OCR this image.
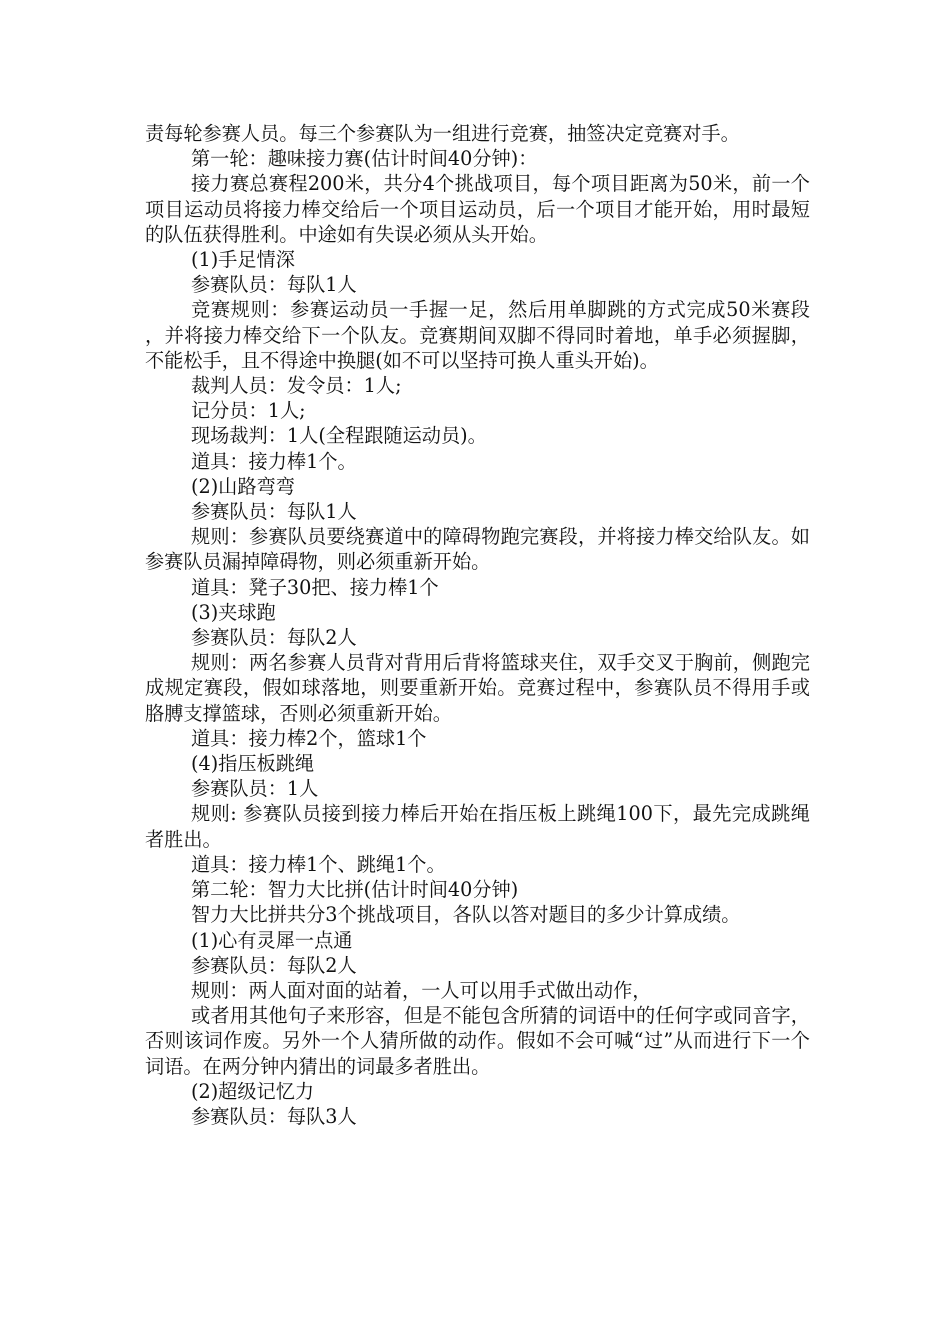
责每轮参赛人员。每三个参赛队为一组进行竞赛，抽签决定竞赛对手。

第一轮：趣味接力赛(估计时间40分钟)：

接力赛总赛程200米，共分4个挑战项目，每个项目距离为50米，前一个项目运动员将接力棒交给后一个项目运动员，后一个项目才能开始，用时最短的队伍获得胜利。中途如有失误必须从头开始。

(1)手足情深

参赛队员：每队1人

竞赛规则：参赛运动员一手握一足，然后用单脚跳的方式完成50米赛段，并将接力棒交给下一个队友。竞赛期间双脚不得同时着地，单手必须握脚，不能松手，且不得途中换腿(如不可以坚持可换人重头开始)。

裁判人员：发令员：1人;

记分员：1人;

现场裁判：1人(全程跟随运动员)。

道具：接力棒1个。

(2)山路弯弯

参赛队员：每队1人

规则：参赛队员要绕赛道中的障碍物跑完赛段，并将接力棒交给队友。如参赛队员漏掉障碍物，则必须重新开始。

道具：凳子30把、接力棒1个

(3)夹球跑

参赛队员：每队2人

规则：两名参赛人员背对背用后背将篮球夹住，双手交叉于胸前，侧跑完成规定赛段，假如球落地，则要重新开始。竞赛过程中，参赛队员不得用手或胳膊支撑篮球，否则必须重新开始。

道具：接力棒2个，篮球1个

(4)指压板跳绳

参赛队员：1人

规则: 参赛队员接到接力棒后开始在指压板上跳绳100下，最先完成跳绳者胜出。

道具：接力棒1个、跳绳1个。

第二轮：智力大比拼(估计时间40分钟)

智力大比拼共分3个挑战项目，各队以答对题目的多少计算成绩。

(1)心有灵犀一点通

参赛队员：每队2人

规则：两人面对面的站着，一人可以用手式做出动作，

或者用其他句子来形容，但是不能包含所猜的词语中的任何字或同音字，否则该词作废。另外一个人猜所做的动作。假如不会可喊“过”从而进行下一个词语。在两分钟内猜出的词最多者胜出。

(2)超级记忆力

参赛队员：每队3人
